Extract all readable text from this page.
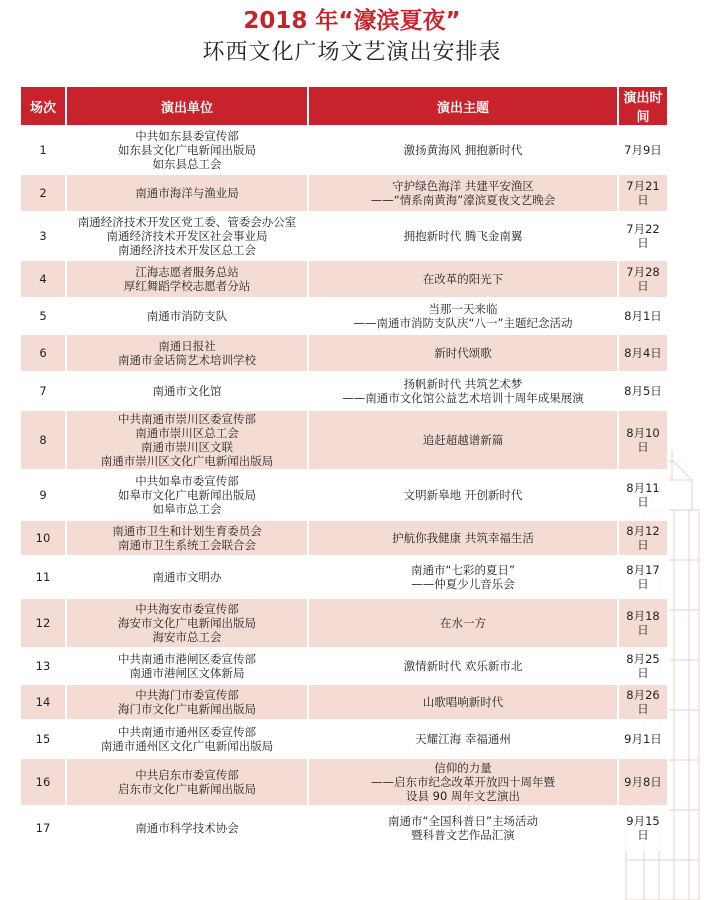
2018 年“濠滨夏夜”
环西文化广场文艺演出安排表
场次	演出单位	演出主题	演出时间
1	中共如东县委宣传部
如东县文化广电新闻出版局
如东县总工会	激扬黄海风 拥抱新时代	7月9日
2	南通市海洋与渔业局	守护绿色海洋 共建平安渔区
——“情系南黄海”濠滨夏夜文艺晚会	7月21日
3	南通经济技术开发区党工委、管委会办公室
南通经济技术开发区社会事业局
南通经济技术开发区总工会	拥抱新时代 腾飞金南翼	7月22日
4	江海志愿者服务总站
厚红舞蹈学校志愿者分站	在改革的阳光下	7月28日
5	南通市消防支队	当那一天来临
——南通市消防支队庆“八一”主题纪念活动	8月1日
6	南通日报社
南通市金话筒艺术培训学校	新时代颂歌	8月4日
7	南通市文化馆	扬帆新时代 共筑艺术梦
——南通市文化馆公益艺术培训十周年成果展演	8月5日
8	中共南通市崇川区委宣传部
南通市崇川区总工会
南通市崇川区文联
南通市崇川区文化广电新闻出版局	追赶超越谱新篇	8月10日
9	中共如皋市委宣传部
如皋市文化广电新闻出版局
如皋市总工会	文明新皋地 开创新时代	8月11日
10	南通市卫生和计划生育委员会
南通市卫生系统工会联合会	护航你我健康 共筑幸福生活	8月12日
11	南通市文明办	南通市“七彩的夏日”
——仲夏少儿音乐会	8月17日
12	中共海安市委宣传部
海安市文化广电新闻出版局
海安市总工会	在水一方	8月18日
13	中共南通市港闸区委宣传部
南通市港闸区文体新局	激情新时代 欢乐新市北	8月25日
14	中共海门市委宣传部
海门市文化广电新闻出版局	山歌唱响新时代	8月26日
15	中共南通市通州区委宣传部
南通市通州区文化广电新闻出版局	天耀江海 幸福通州	9月1日
16	中共启东市委宣传部
启东市文化广电新闻出版局	信仰的力量
——启东市纪念改革开放四十周年暨
设县 90 周年文艺演出	9月8日
17	南通市科学技术协会	南通市“全国科普日”主场活动
暨科普文艺作品汇演	9月15日
